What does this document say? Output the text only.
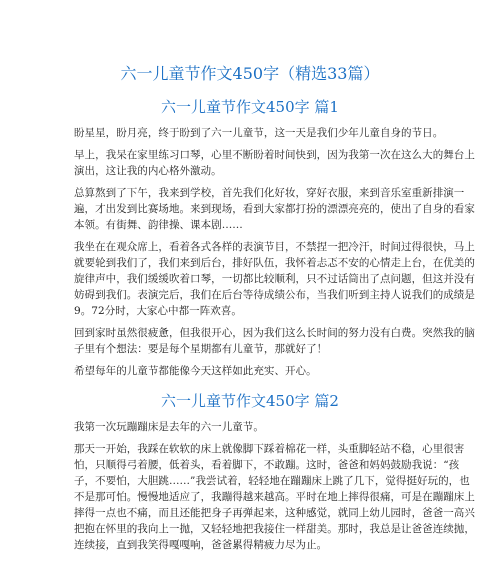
六一儿童节作文450字（精选33篇）
六一儿童节作文450字 篇1

盼星星，盼月亮，终于盼到了六一儿童节，这一天是我们少年儿童自身的节日。

早上，我呆在家里练习口琴，心里不断盼着时间快到，因为我第一次在这么大的舞台上演出，这让我的内心格外激动。

总算熬到了下午，我来到学校，首先我们化好妆，穿好衣服，来到音乐室重新排演一遍，才出发到比赛场地。来到现场，看到大家都打扮的漂漂亮亮的，使出了自身的看家本领。有街舞、韵律操、课本剧……

我坐在在观众席上，看着各式各样的表演节目，不禁捏一把冷汗，时间过得很快，马上就要轮到我们了，我们来到后台，排好队伍，我怀着忐忑不安的心情走上台，在优美的旋律声中，我们缓缓吹着口琴，一切都比较顺利，只不过话筒出了点问题，但这并没有妨碍到我们。表演完后，我们在后台等待成绩公布，当我们听到主持人说我们的成绩是9。72分时，大家心中都一阵欢喜。

回到家时虽然很疲惫，但我很开心，因为我们这么长时间的努力没有白费。突然我的脑子里有个想法：要是每个星期都有儿童节，那就好了！

希望每年的儿童节都能像今天这样如此充实、开心。

六一儿童节作文450字 篇2

我第一次玩蹦蹦床是去年的六一儿童节。

那天一开始，我踩在软软的床上就像脚下踩着棉花一样，头重脚轻站不稳，心里很害怕，只顺得弓着腰，低着头，看着脚下，不敢蹦。这时，爸爸和妈妈鼓励我说：“孩子，不要怕，大胆跳……”我尝试着，轻轻地在蹦蹦床上跳了几下，觉得挺好玩的，也不是那可怕。慢慢地适应了，我蹦得越来越高。平时在地上摔得很痛，可是在蹦蹦床上摔得一点也不痛，而且还能把身子再弹起来，这种感觉，就同上幼儿园时，爸爸一高兴把抱在怀里的我向上一抛，又轻轻地把我接住一样甜美。那时，我总是让爸爸连续抛，连续接，直到我笑得嘎嘎响，爸爸累得精疲力尽为止。
